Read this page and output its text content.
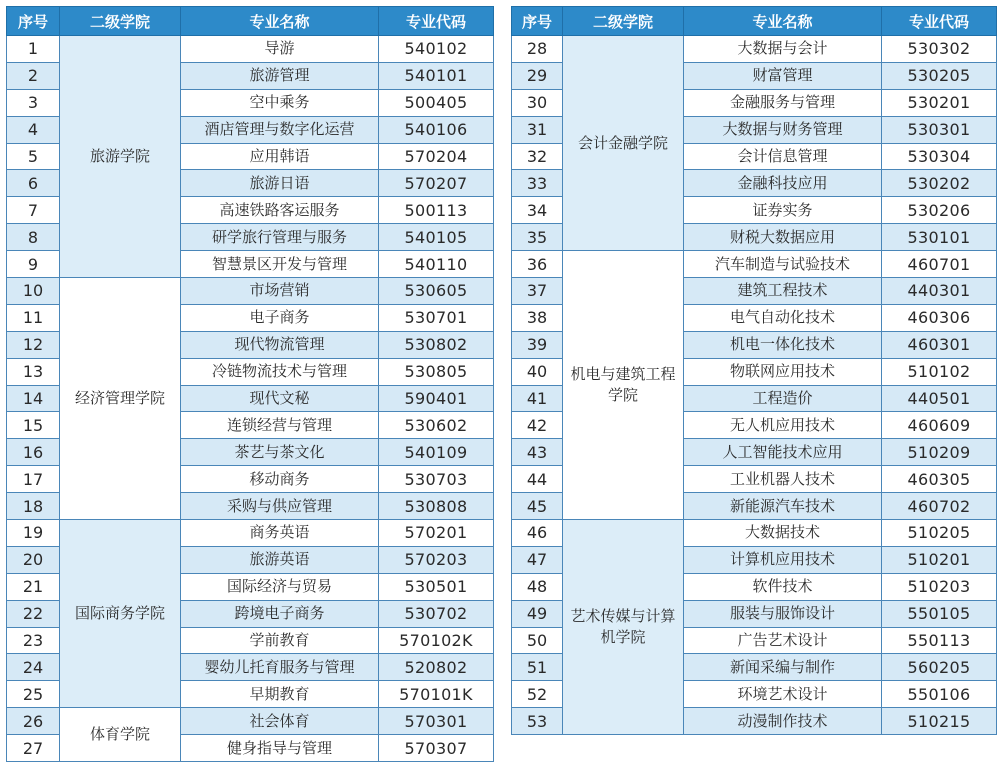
序号	二级学院	专业名称	专业代码
1	旅游学院	导游	540102
2		旅游管理	540101
3		空中乘务	500405
4		酒店管理与数字化运营	540106
5		应用韩语	570204
6		旅游日语	570207
7		高速铁路客运服务	500113
8		研学旅行管理与服务	540105
9		智慧景区开发与管理	540110
10	经济管理学院	市场营销	530605
11		电子商务	530701
12		现代物流管理	530802
13		冷链物流技术与管理	530805
14		现代文秘	590401
15		连锁经营与管理	530602
16		茶艺与茶文化	540109
17		移动商务	530703
18		采购与供应管理	530808
19	国际商务学院	商务英语	570201
20		旅游英语	570203
21		国际经济与贸易	530501
22		跨境电子商务	530702
23		学前教育	570102K
24		婴幼儿托育服务与管理	520802
25		早期教育	570101K
26	体育学院	社会体育	570301
27		健身指导与管理	570307
序号	二级学院	专业名称	专业代码
28	会计金融学院	大数据与会计	530302
29		财富管理	530205
30		金融服务与管理	530201
31		大数据与财务管理	530301
32		会计信息管理	530304
33		金融科技应用	530202
34		证券实务	530206
35		财税大数据应用	530101
36	机电与建筑工程学院	汽车制造与试验技术	460701
37		建筑工程技术	440301
38		电气自动化技术	460306
39		机电一体化技术	460301
40		物联网应用技术	510102
41		工程造价	440501
42		无人机应用技术	460609
43		人工智能技术应用	510209
44		工业机器人技术	460305
45		新能源汽车技术	460702
46	艺术传媒与计算机学院	大数据技术	510205
47		计算机应用技术	510201
48		软件技术	510203
49		服装与服饰设计	550105
50		广告艺术设计	550113
51		新闻采编与制作	560205
52		环境艺术设计	550106
53		动漫制作技术	510215
